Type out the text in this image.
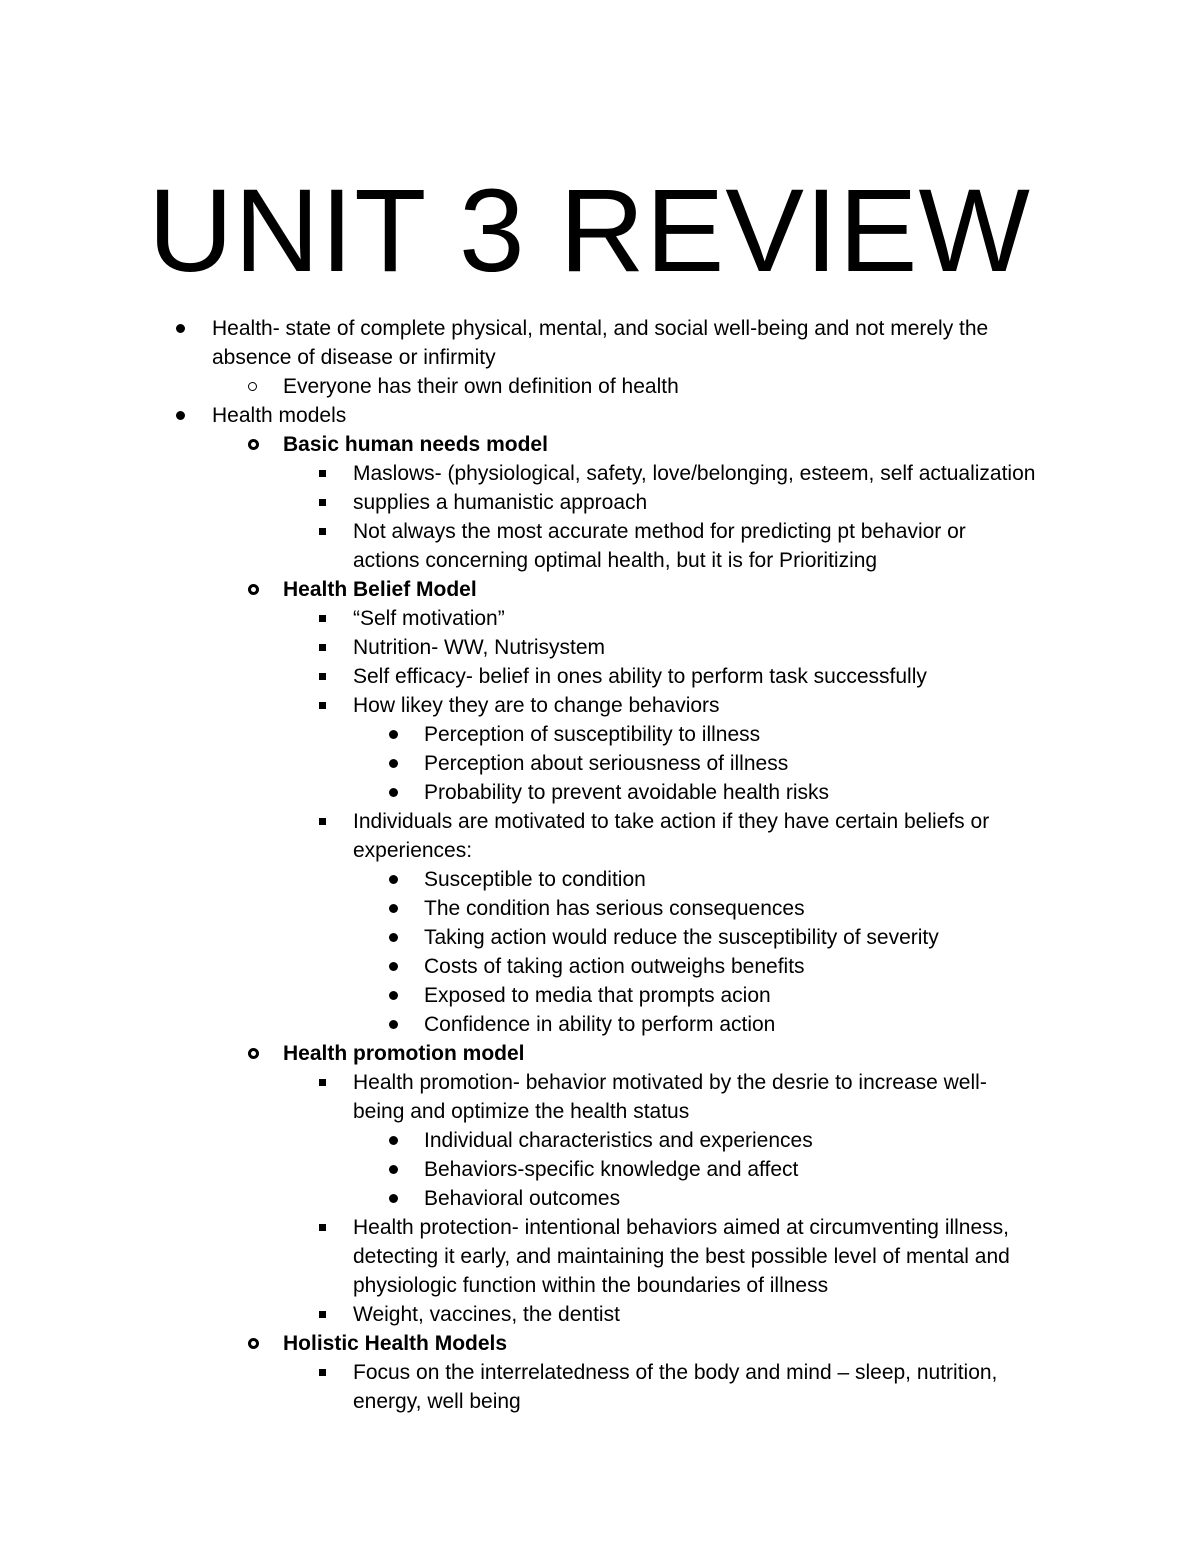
UNIT 3 REVIEW
Health- state of complete physical, mental, and social well-being and not merely the
absence of disease or infirmity
Everyone has their own definition of health
Health models
Basic human needs model
Maslows- (physiological, safety, love/belonging, esteem, self actualization
supplies a humanistic approach
Not always the most accurate method for predicting pt behavior or
actions concerning optimal health, but it is for Prioritizing
Health Belief Model
“Self motivation”
Nutrition- WW, Nutrisystem
Self efficacy- belief in ones ability to perform task successfully
How likey they are to change behaviors
Perception of susceptibility to illness
Perception about seriousness of illness
Probability to prevent avoidable health risks
Individuals are motivated to take action if they have certain beliefs or
experiences:
Susceptible to condition
The condition has serious consequences
Taking action would reduce the susceptibility of severity
Costs of taking action outweighs benefits
Exposed to media that prompts acion
Confidence in ability to perform action
Health promotion model
Health promotion- behavior motivated by the desrie to increase well-
being and optimize the health status
Individual characteristics and experiences
Behaviors-specific knowledge and affect
Behavioral outcomes
Health protection- intentional behaviors aimed at circumventing illness,
detecting it early, and maintaining the best possible level of mental and
physiologic function within the boundaries of illness
Weight, vaccines, the dentist
Holistic Health Models
Focus on the interrelatedness of the body and mind – sleep, nutrition,
energy, well being
